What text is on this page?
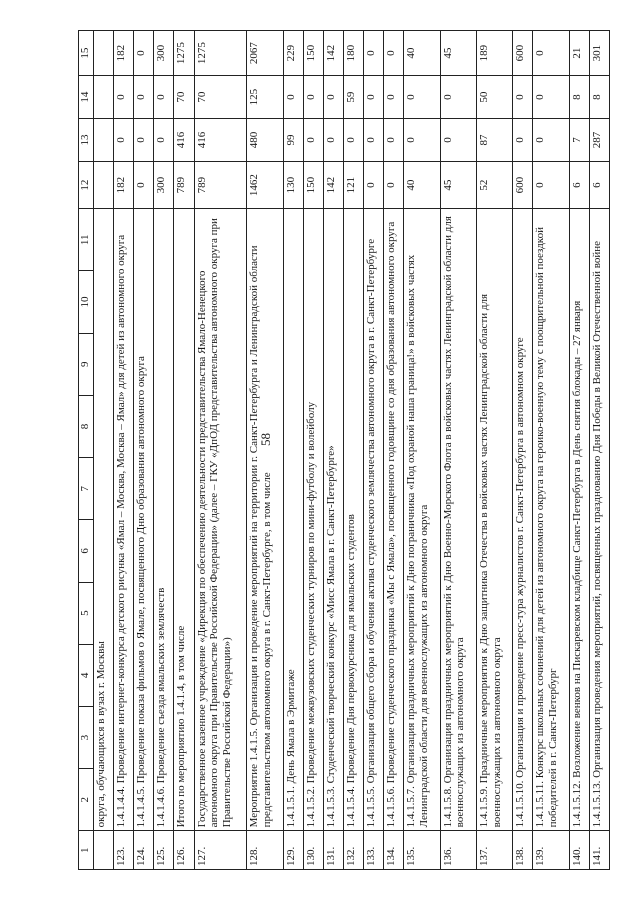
58
1	2	3	4	5	6	7	8	9	10	11	12	13	14	15
	округа, обучающихся в вузах г. Москвы													
123.	1.4.1.4.4. Проведение интернет-конкурса детского рисунка «Ямал – Москва, Москва – Ямал» для детей из автономного округа										182	0	0	182
124.	1.4.1.4.5. Проведение показа фильмов о Ямале, посвященного Дню образования автономного округа										0	0	0	0
125.	1.4.1.4.6. Проведение съезда ямальских землячеств										300	0	0	300
126.	Итого по мероприятию 1.4.1.4, в том числе										789	416	70	1275
127.	Государственное казенное учреждение «Дирекция по обеспечению деятельности представительства Ямало-Ненецкого автономного округа при Правительстве Российской Федерации» (далее – ГКУ «ДпОД представительства автономного округа при Правительстве Российской Федерации»)										789	416	70	1275
128.	Мероприятие 1.4.1.5. Организация и проведение мероприятий на территории г. Санкт-Петербурга и Ленинградской области представительством автономного округа в г. Санкт-Петербурге, в том числе										1462	480	125	2067
129.	1.4.1.5.1. День Ямала в Эрмитаже										130	99	0	229
130.	1.4.1.5.2. Проведение межвузовских студенческих турниров по мини-футболу и волейболу										150	0	0	150
131.	1.4.1.5.3. Студенческий творческий конкурс «Мисс Ямала в г. Санкт-Петербурге»										142	0	0	142
132.	1.4.1.5.4. Проведение Дня первокурсника для ямальских студентов										121	0	59	180
133.	1.4.1.5.5. Организация общего сбора и обучения актива студенческого землячества автономного округа в г. Санкт-Петербурге										0	0	0	0
134.	1.4.1.5.6. Проведение студенческого праздника «Мы с Ямала», посвященного годовщине со дня образования автономного округа										0	0	0	0
135.	1.4.1.5.7. Организация праздничных мероприятий к Дню пограничника «Под охраной наша граница!» в войсковых частях Ленинградской области для военнослужащих из автономного округа										40	0	0	40
136.	1.4.1.5.8. Организация праздничных мероприятий к Дню Военно-Морского Флота в войсковых частях Ленинградской области для военнослужащих из автономного округа										45	0	0	45
137.	1.4.1.5.9. Праздничные мероприятия к Дню защитника Отечества в войсковых частях Ленинградской области для военнослужащих из автономного округа										52	87	50	189
138.	1.4.1.5.10. Организация и проведение пресс-тура журналистов г. Санкт-Петербурга в автономном округе										600	0	0	600
139.	1.4.1.5.11. Конкурс школьных сочинений для детей из автономного округа на героико-военную тему с поощрительной поездкой победителей в г. Санкт-Петербург										0	0	0	0
140.	1.4.1.5.12. Возложение венков на Пискаревском кладбище Санкт-Петербурга в День снятия блокады – 27 января										6	7	8	21
141.	1.4.1.5.13. Организация проведения мероприятий, посвященных празднованию Дня Победы в Великой Отечественной войне										6	287	8	301
